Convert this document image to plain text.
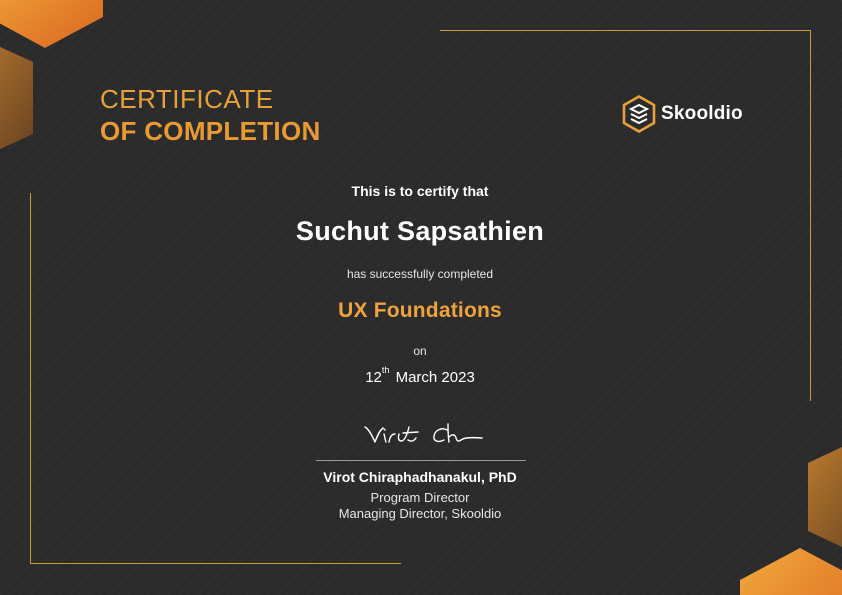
CERTIFICATE
OF COMPLETION
Skooldio
This is to certify that
Suchut Sapsathien
has successfully completed
UX Foundations
on
12th March 2023
Virot Chiraphadhanakul, PhD
Program Director
Managing Director, Skooldio
